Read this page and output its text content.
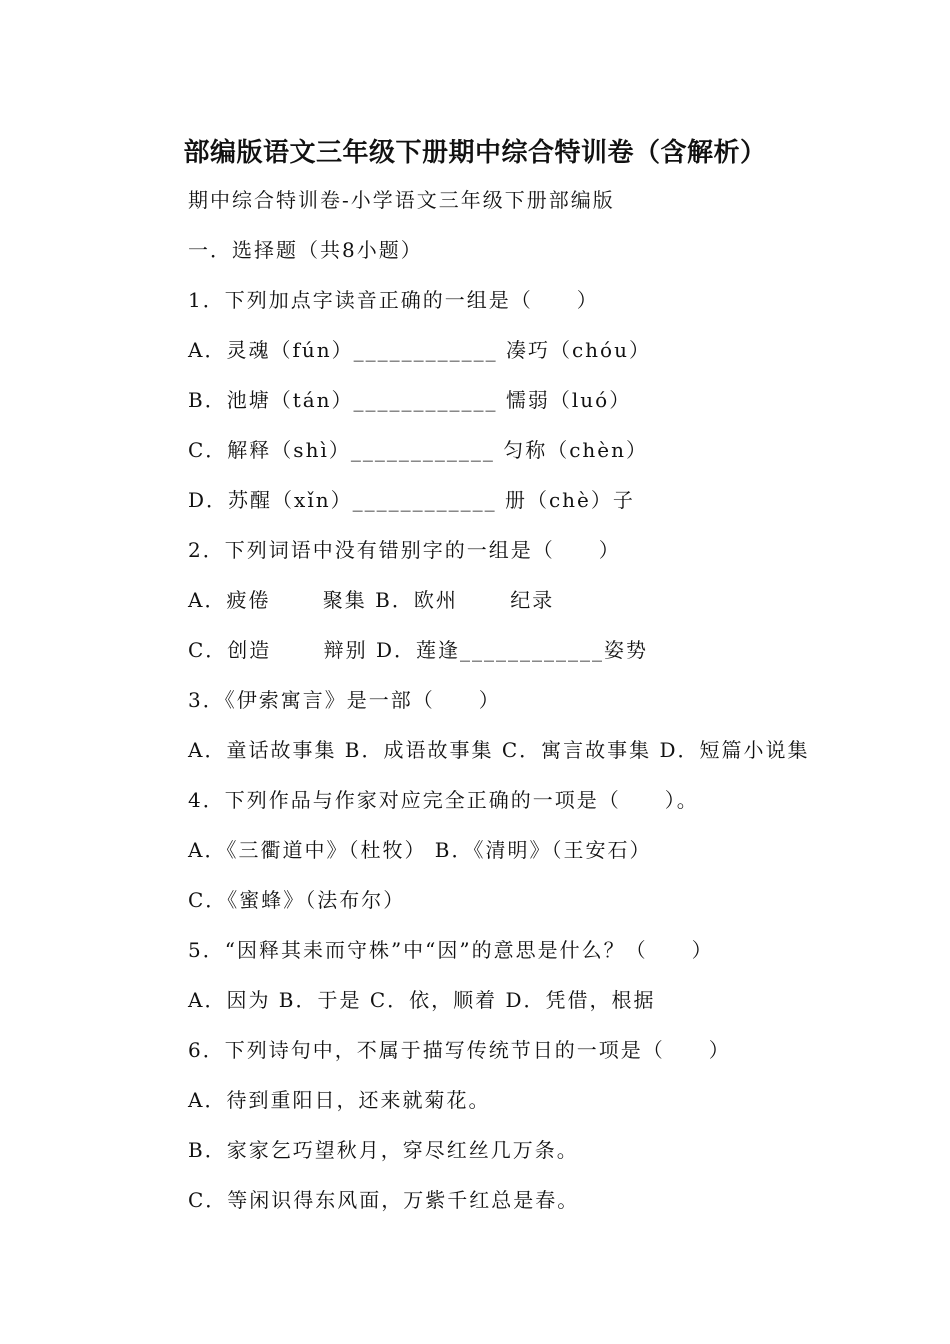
部编版语文三年级下册期中综合特训卷（含解析）
期中综合特训卷-小学语文三年级下册部编版
一．选择题（共8小题）
1．下列加点字读音正确的一组是（　　）
A．灵魂（fún）____________ 凑巧（chóu）
B．池塘（tán）____________ 懦弱（luó）
C．解释（shì）____________ 匀称（chèn）
D．苏醒（xǐn）____________ 册（chè）子
2．下列词语中没有错别字的一组是（　　）
A．疲倦　　 聚集 B．欧州　　 纪录
C．创造　　 辩别 D．莲逢____________姿势
3．《伊索寓言》是一部（　　）
A．童话故事集 B．成语故事集 C．寓言故事集 D．短篇小说集
4．下列作品与作家对应完全正确的一项是（　　）。
A．《三衢道中》（杜牧） B．《清明》（王安石）
C．《蜜蜂》（法布尔）
5．“因释其耒而守株”中“因”的意思是什么？（　　）
A．因为 B．于是 C．依，顺着 D．凭借，根据
6．下列诗句中，不属于描写传统节日的一项是（　　）
A．待到重阳日，还来就菊花。
B．家家乞巧望秋月，穿尽红丝几万条。
C．等闲识得东风面，万紫千红总是春。
